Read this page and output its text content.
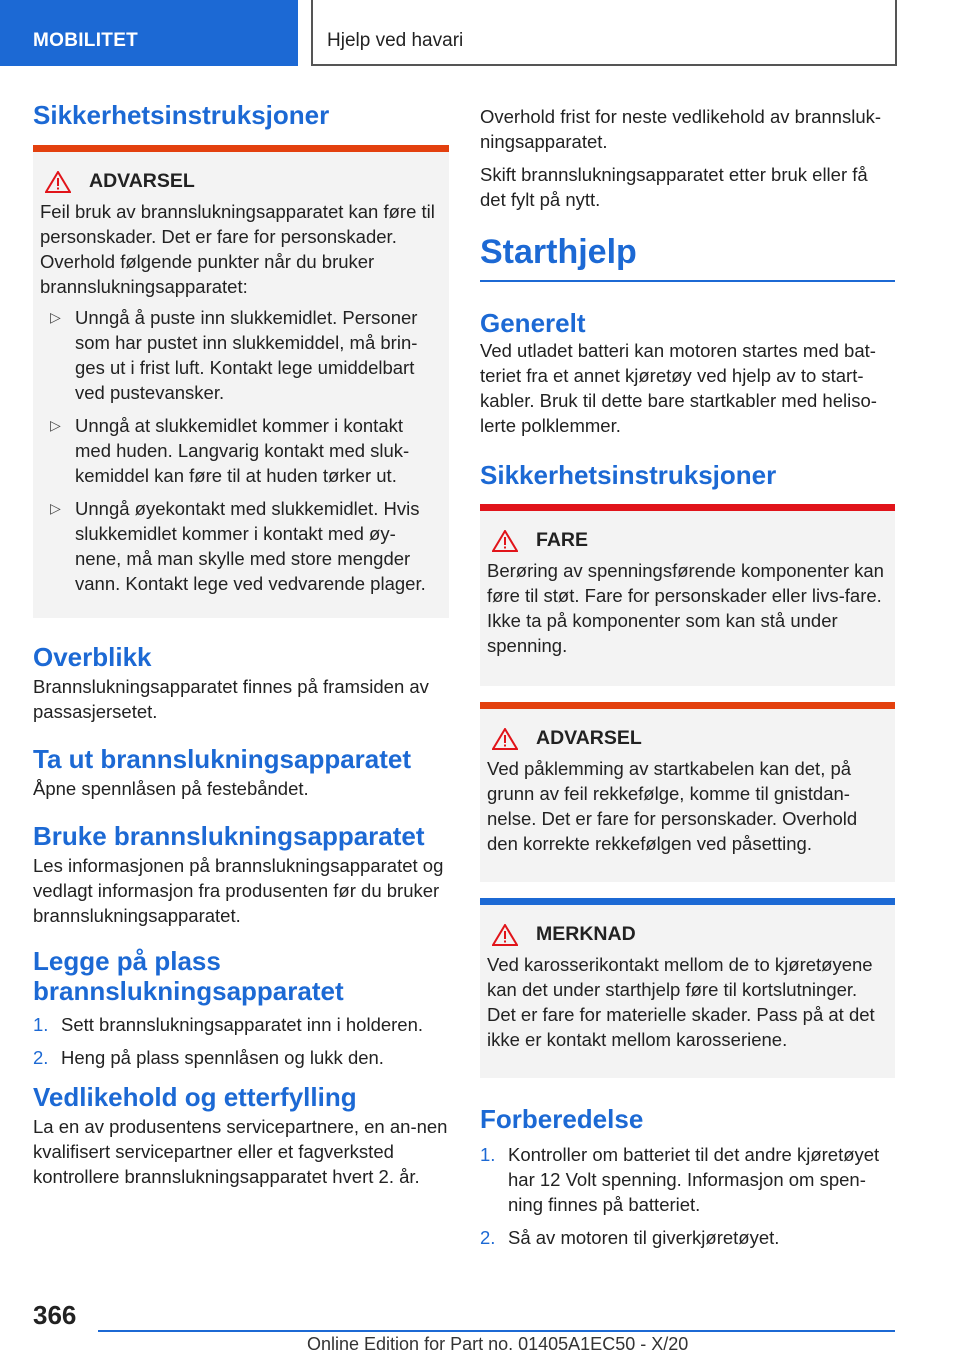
MOBILITET	Hjelp ved havari
Sikkerhetsinstruksjoner
ADVARSEL

Feil bruk av brannslukningsapparatet kan føre til personskader. Det er fare for personskader. Overhold følgende punkter når du bruker brannslukningsapparatet:

▷ Unngå å puste inn slukkemidlet. Personer som har pustet inn slukkemiddel, må brin-ges ut i frist luft. Kontakt lege umiddelbart ved pustevansker.
▷ Unngå at slukkemidlet kommer i kontakt med huden. Langvarig kontakt med sluk-kemiddel kan føre til at huden tørker ut.
▷ Unngå øyekontakt med slukkemidlet. Hvis slukkemidlet kommer i kontakt med øy-nene, må man skylle med store mengder vann. Kontakt lege ved vedvarende plager.
Overblikk

Brannslukningsapparatet finnes på framsiden av passasjersetet.

Ta ut brannslukningsapparatet

Åpne spennlåsen på festebåndet.

Bruke brannslukningsapparatet

Les informasjonen på brannslukningsapparatet og vedlagt informasjon fra produsenten før du bruker brannslukningsapparatet.

Legge på plass brannslukningsapparatet
1. Sett brannslukningsapparatet inn i holderen.
2. Heng på plass spennlåsen og lukk den.
Vedlikehold og etterfylling

La en av produsentens servicepartnere, en an-nen kvalifisert servicepartner eller et fagverksted kontrollere brannslukningsapparatet hvert 2. år.

Overhold frist for neste vedlikehold av brannsluk-ningsapparatet.

Skift brannslukningsapparatet etter bruk eller få det fylt på nytt.

Starthjelp
Generelt

Ved utladet batteri kan motoren startes med bat-teriet fra et annet kjøretøy ved hjelp av to start-kabler. Bruk til dette bare startkabler med heliso-lerte polklemmer.

Sikkerhetsinstruksjoner
FARE

Berøring av spenningsførende komponenter kan føre til støt. Fare for personskader eller livs-fare. Ikke ta på komponenter som kan stå under spenning.

ADVARSEL

Ved påklemming av startkabelen kan det, på grunn av feil rekkefølge, komme til gnistdan-nelse. Det er fare for personskader. Overhold den korrekte rekkefølgen ved påsetting.

MERKNAD

Ved karosserikontakt mellom de to kjøretøyene kan det under starthjelp føre til kortslutninger. Det er fare for materielle skader. Pass på at det ikke er kontakt mellom karosseriene.

Forberedelse
1. Kontroller om batteriet til det andre kjøretøyet har 12 Volt spenning. Informasjon om spen-ning finnes på batteriet.
2. Så av motoren til giverkjøretøyet.
366
Online Edition for Part no. 01405A1EC50 - X/20
